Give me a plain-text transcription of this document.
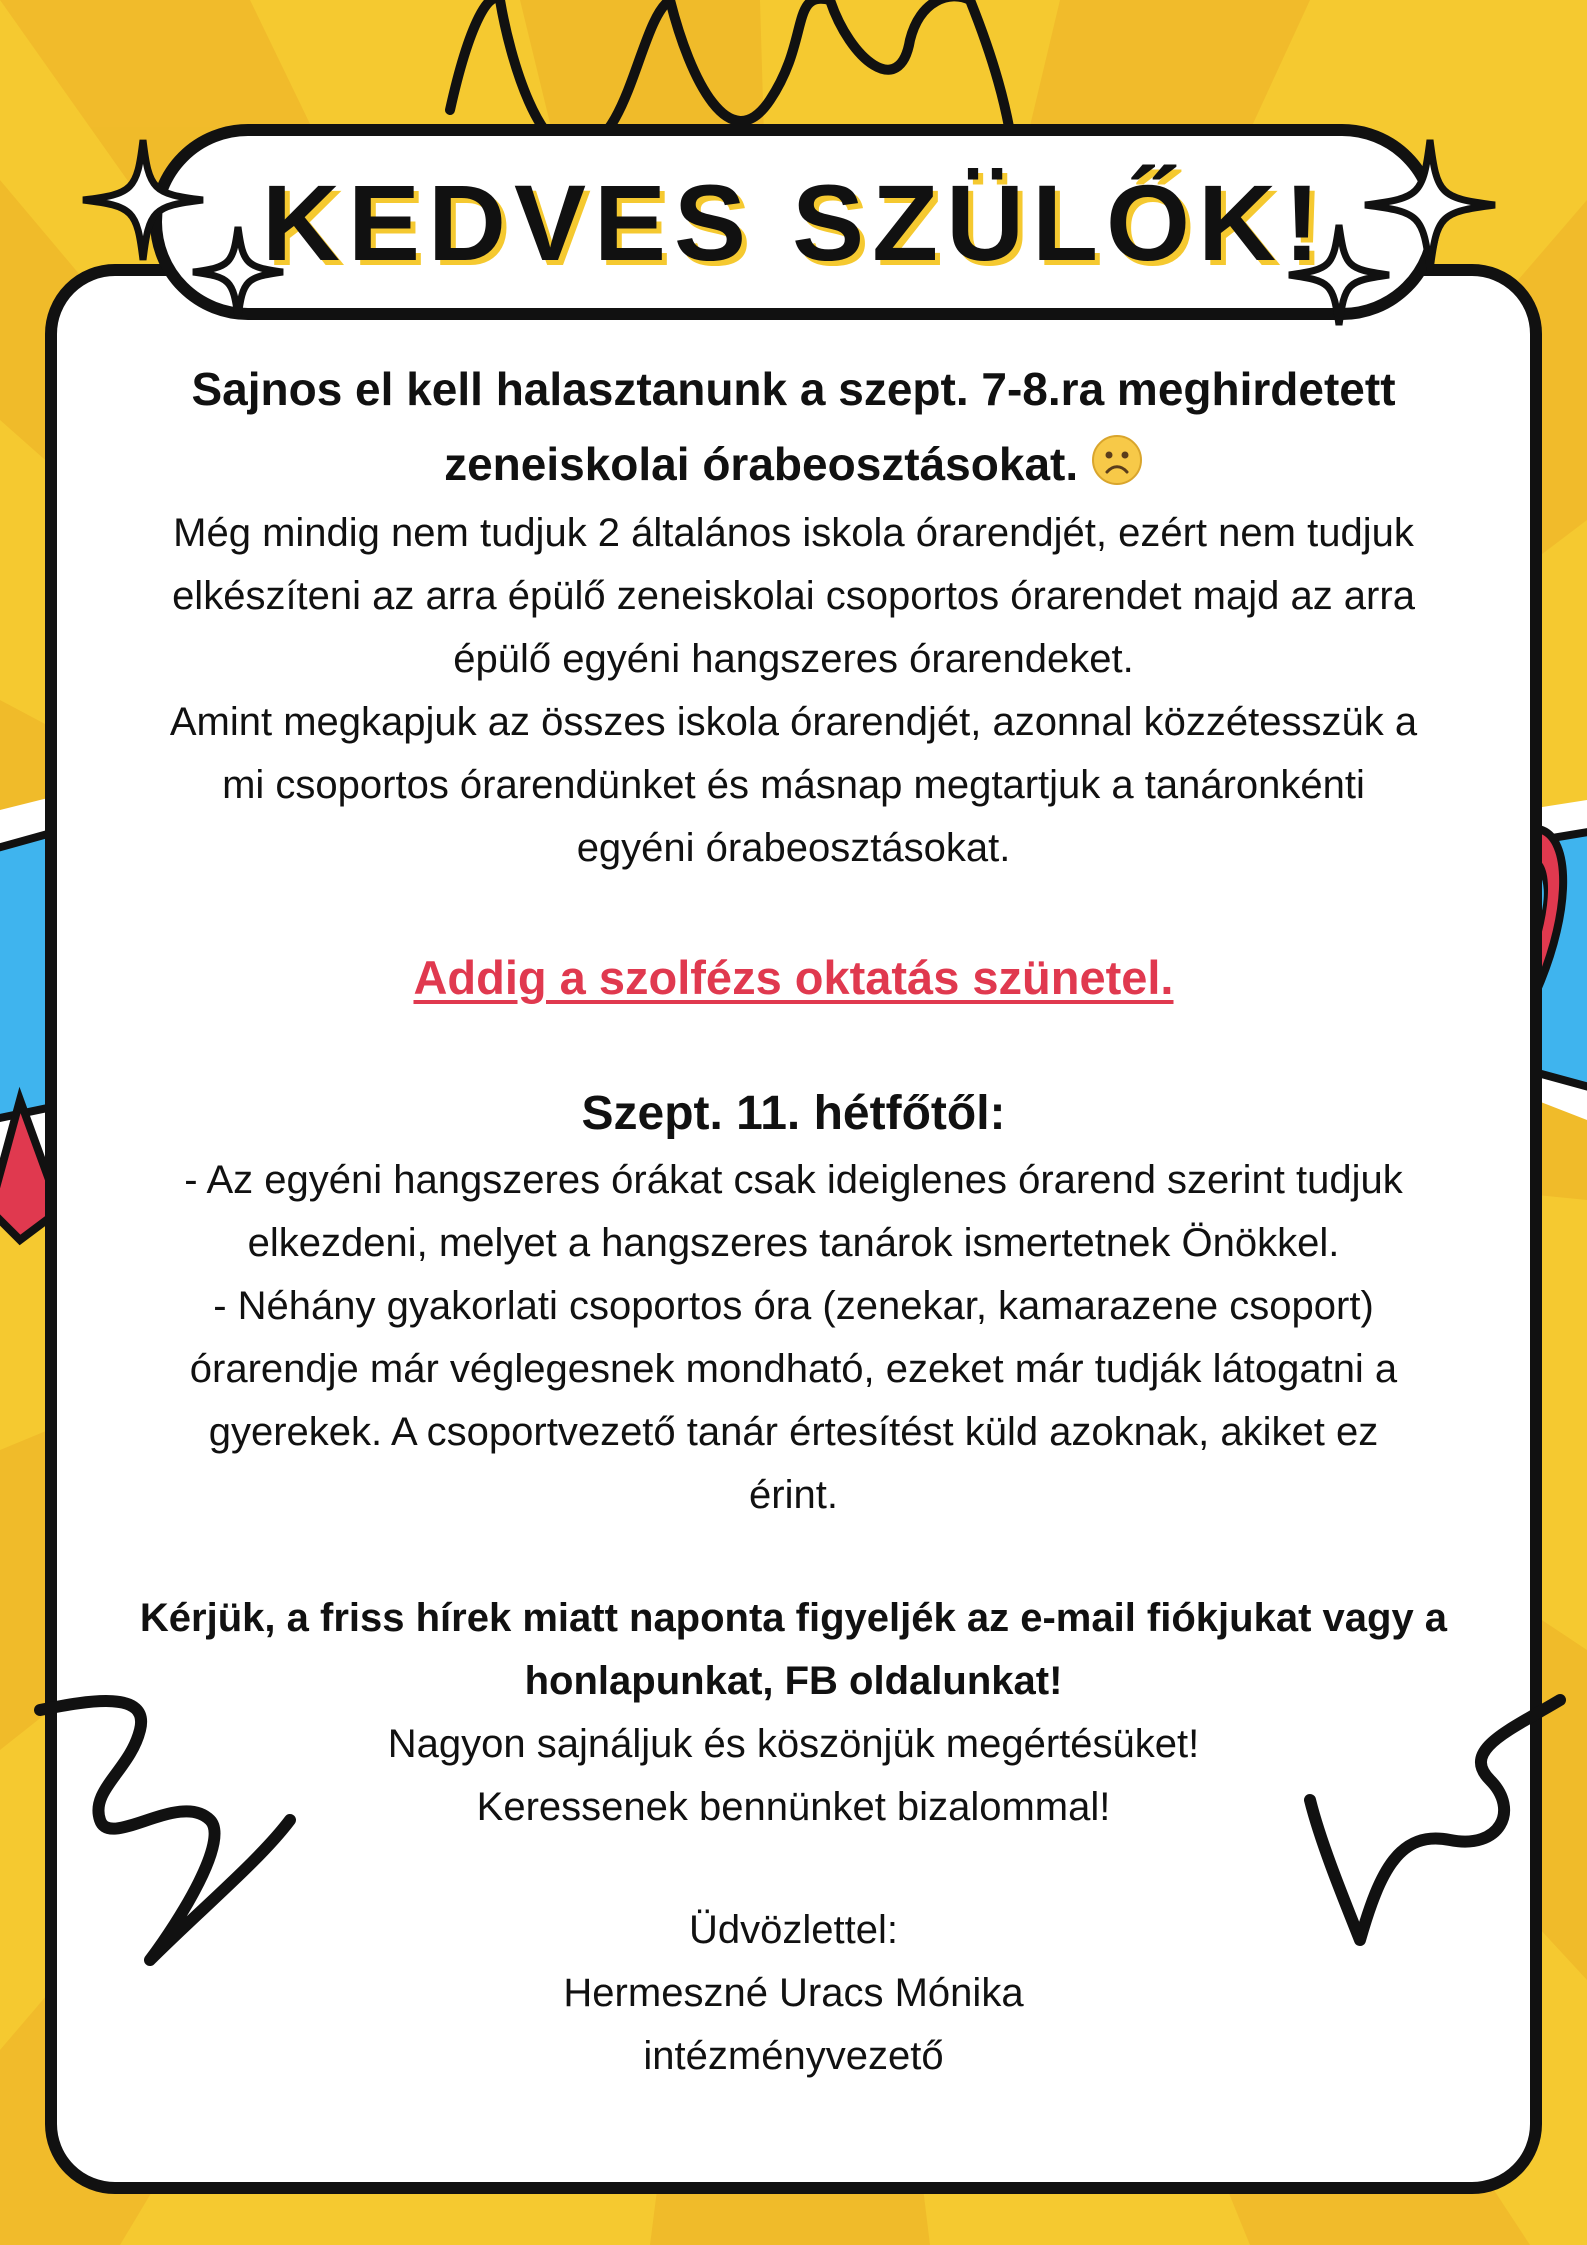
KEDVES SZÜLŐK!

Sajnos el kell halasztanunk a szept. 7-8.ra meghirdetett

zeneiskolai órabeosztásokat.

Még mindig nem tudjuk 2 általános iskola órarendjét, ezért nem tudjuk

elkészíteni az arra épülő zeneiskolai csoportos órarendet majd az arra

épülő egyéni hangszeres órarendeket.

Amint megkapjuk az összes iskola órarendjét, azonnal közzétesszük a

mi csoportos órarendünket és másnap megtartjuk a tanáronkénti

egyéni órabeosztásokat.

Addig a szolfézs oktatás szünetel.

Szept. 11. hétfőtől:

- Az egyéni hangszeres órákat csak ideiglenes órarend szerint tudjuk

elkezdeni, melyet a hangszeres tanárok ismertetnek Önökkel.

- Néhány gyakorlati csoportos óra (zenekar, kamarazene csoport)

órarendje már véglegesnek mondható, ezeket már tudják látogatni a

gyerekek. A csoportvezető tanár értesítést küld azoknak, akiket ez

érint.

Kérjük, a friss hírek miatt naponta figyeljék az e-mail fiókjukat vagy a

honlapunkat, FB oldalunkat!

Nagyon sajnáljuk és köszönjük megértésüket!

Keressenek bennünket bizalommal!

Üdvözlettel:

Hermeszné Uracs Mónika

intézményvezető
